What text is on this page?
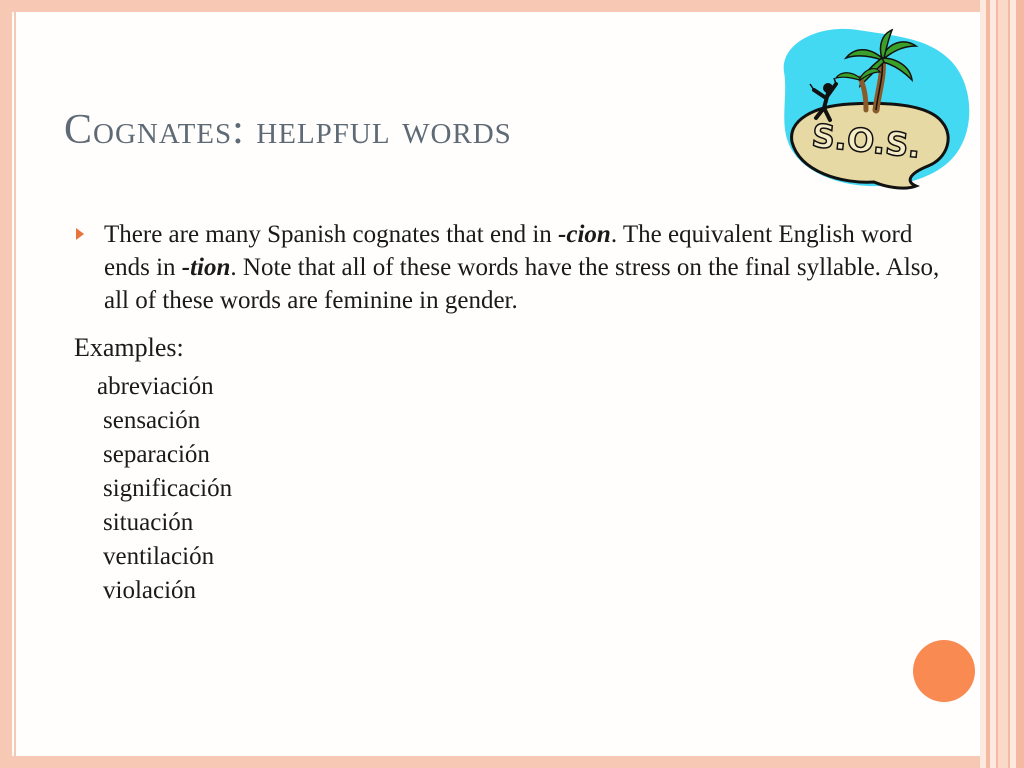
Cognates: helpful words	S.O.S.

There are many Spanish cognates that end in -cion. The equivalent English word ends in -tion. Note that all of these words have the stress on the final syllable. Also, all of these words are feminine in gender.

Examples:
abreviación
sensación
separación
significación
situación
ventilación
violación
